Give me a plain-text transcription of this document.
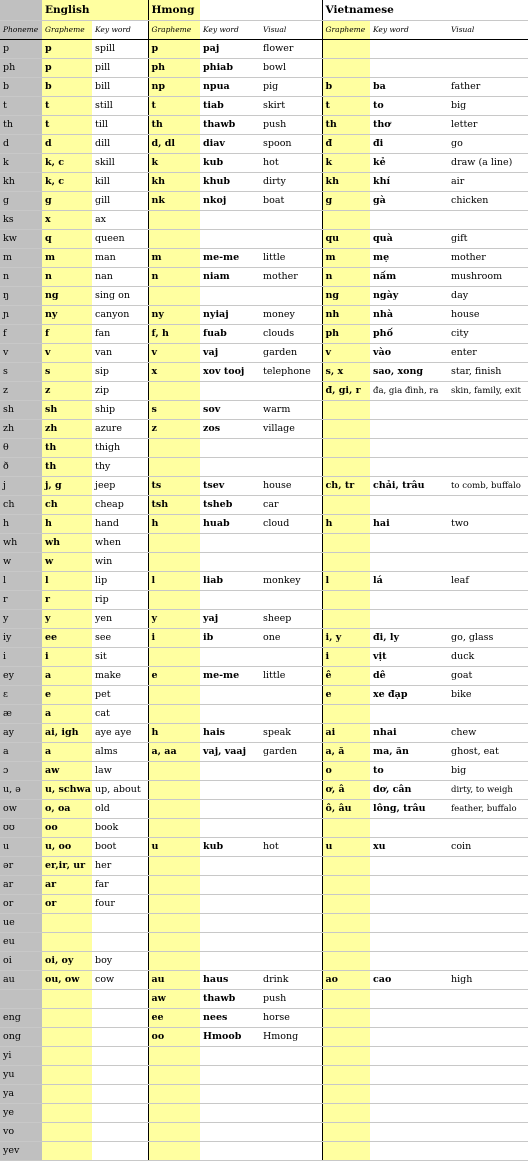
	English		Hmong			Vietnamese		
Phoneme	Grapheme	Key word	Grapheme	Key word	Visual	Grapheme	Key word	Visual
p	p	spill	p	paj	flower			
ph	p	pill	ph	phiab	bowl			
b	b	bill	np	npua	pig	b	ba	father
t	t	still	t	tiab	skirt	t	to	big
th	t	till	th	thawb	push	th	thơ	letter
d	d	dill	d, dl	diav	spoon	đ	đi	go
k	k, c	skill	k	kub	hot	k	kẻ	draw (a line)
kh	k, c	kill	kh	khub	dirty	kh	khí	air
g	g	gill	nk	nkoj	boat	g	gà	chicken
ks	x	ax						
kw	q	queen				qu	quà	gift
m	m	man	m	me-me	little	m	mẹ	mother
n	n	nan	n	niam	mother	n	nấm	mushroom
ŋ	ng	sing on				ng	ngày	day
ɲ	ny	canyon	ny	nyiaj	money	nh	nhà	house
f	f	fan	f, h	fuab	clouds	ph	phố	city
v	v	van	v	vaj	garden	v	vào	enter
s	s	sip	x	xov tooj	telephone	s, x	sao, xong	star, finish
z	z	zip				đ, gi, r	đa, gia đình, ra	skin, family, exit
sh	sh	ship	s	sov	warm			
zh	zh	azure	z	zos	village			
θ	th	thigh						
ð	th	thy						
j	j, g	jeep	ts	tsev	house	ch, tr	chải, trâu	to comb, buffalo
ch	ch	cheap	tsh	tsheb	car			
h	h	hand	h	huab	cloud	h	hai	two
wh	wh	when						
w	w	win						
l	l	lip	l	liab	monkey	l	lá	leaf
r	r	rip						
y	y	yen	y	yaj	sheep			
iy	ee	see	i	ib	one	i, y	đi, ly	go, glass
i	i	sit				i	vịt	duck
ey	a	make	e	me-me	little	ê	dê	goat
ɛ	e	pet				e	xe đạp	bike
æ	a	cat						
ay	ai, igh	aye aye	h	hais	speak	ai	nhai	chew
a	a	alms	a, aa	vaj, vaaj	garden	a, ă	ma, ăn	ghost, eat
ɔ	aw	law				o	to	big
u, ə	u, schwa	up, about				ơ, â	dơ, cân	dirty, to weigh
ow	o, oa	old				ô, âu	lông, trâu	feather, buffalo
ʊʊ	oo	book						
u	u, oo	boot	u	kub	hot	u	xu	coin
ər	er,ir, ur	her						
ar	ar	far						
or	or	four						
ue								
eu								
oi	oi, oy	boy						
au	ou, ow	cow	au	haus	drink	ao	cao	high
			aw	thawb	push			
eng			ee	nees	horse			
ong			oo	Hmoob	Hmong			
yi								
yu								
ya								
ye								
vo								
yev								
